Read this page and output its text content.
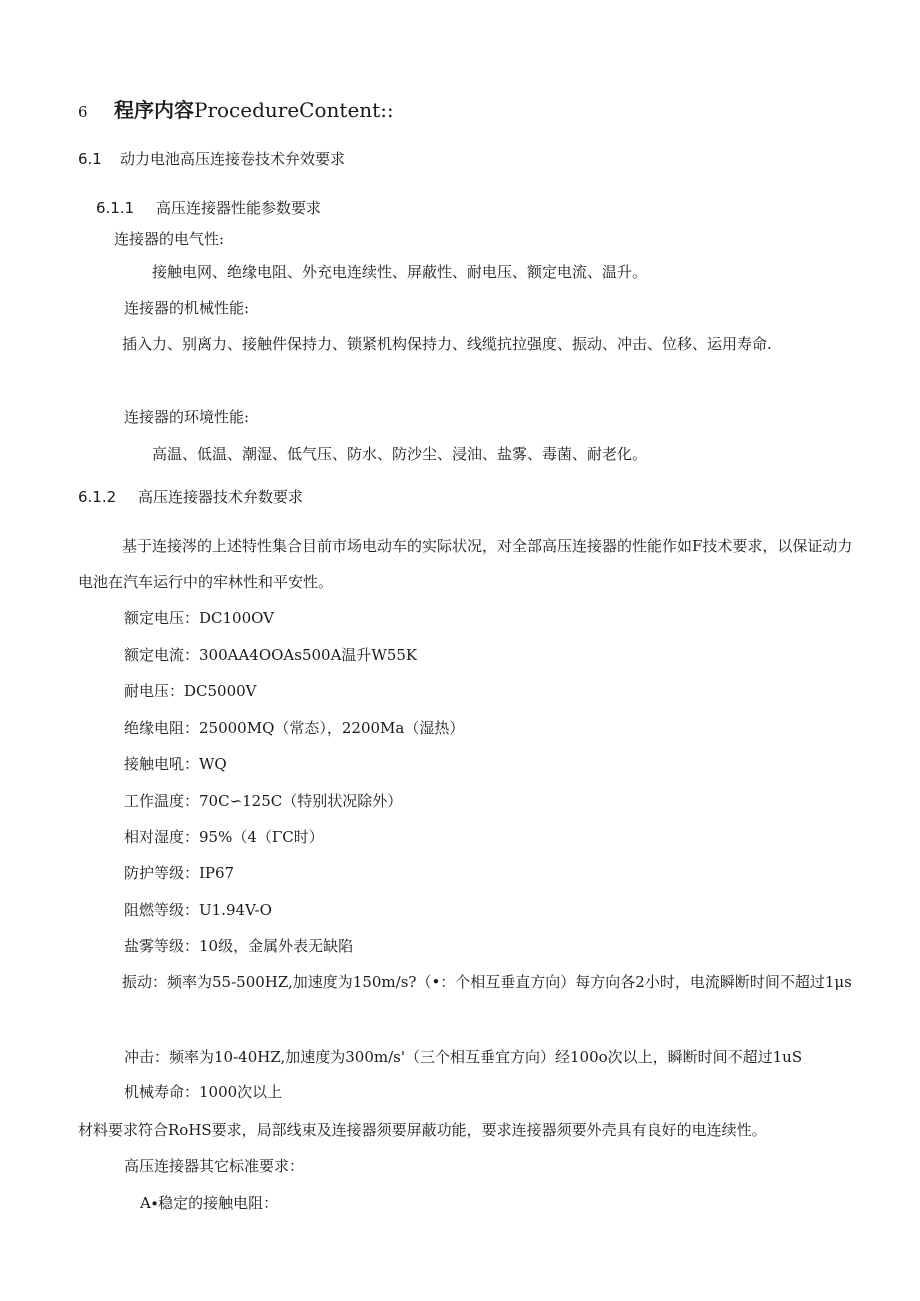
6 程序内容ProcedureContent::
6.1 动力电池高压连接卷技术弁效要求
6.1.1 高压连接器性能参数要求
连接器的电气性:
接触电网、绝缘电阻、外充电连续性、屏蔽性、耐电压、额定电流、温升。
连接器的机械性能:
插入力、别离力、接触件保持力、锁紧机构保持力、线缆抗拉强度、振动、冲击、位移、运用寿命.
连接器的环境性能:
高温、低温、潮湿、低气压、防水、防沙尘、浸油、盐雾、毒菌、耐老化。
6.1.2 高压连接器技术弁数要求
基于连接涔的上述特性集合目前市场电动车的实际状况，对全部高压连接器的性能作如F技术要求，以保证动力电池在汽车运行中的牢林性和平安性。
额定电压：DC100OV
额定电流：300AA4OOAs500A温升W55K
耐电压：DC5000V
绝缘电阻：25000MQ（常态），2200Ma（湿热）
接触电吼：WQ
工作温度：70C∽125C（特别状况除外）
相对湿度：95%（4（ΓC时）
防护等级：IP67
阻燃等级：U1.94V-O
盐雾等级：10级，金属外表无缺陷
振动：频率为55-500HZ,加速度为150m∕s?（•：个相互垂直方向）每方向各2小时，电流瞬断时间不超过1μs
冲击：频率为10-40HZ,加速度为300m∕s'（三个相互垂宜方向）经100o次以上，瞬断时间不超过1uS
机械寿命：1000次以上
材料要求符合RoHS要求，局部线束及连接器须要屏蔽功能，要求连接器须要外壳具有良好的电连续性。
高压连接器其它标准要求：
A∙稳定的接触电阻：
